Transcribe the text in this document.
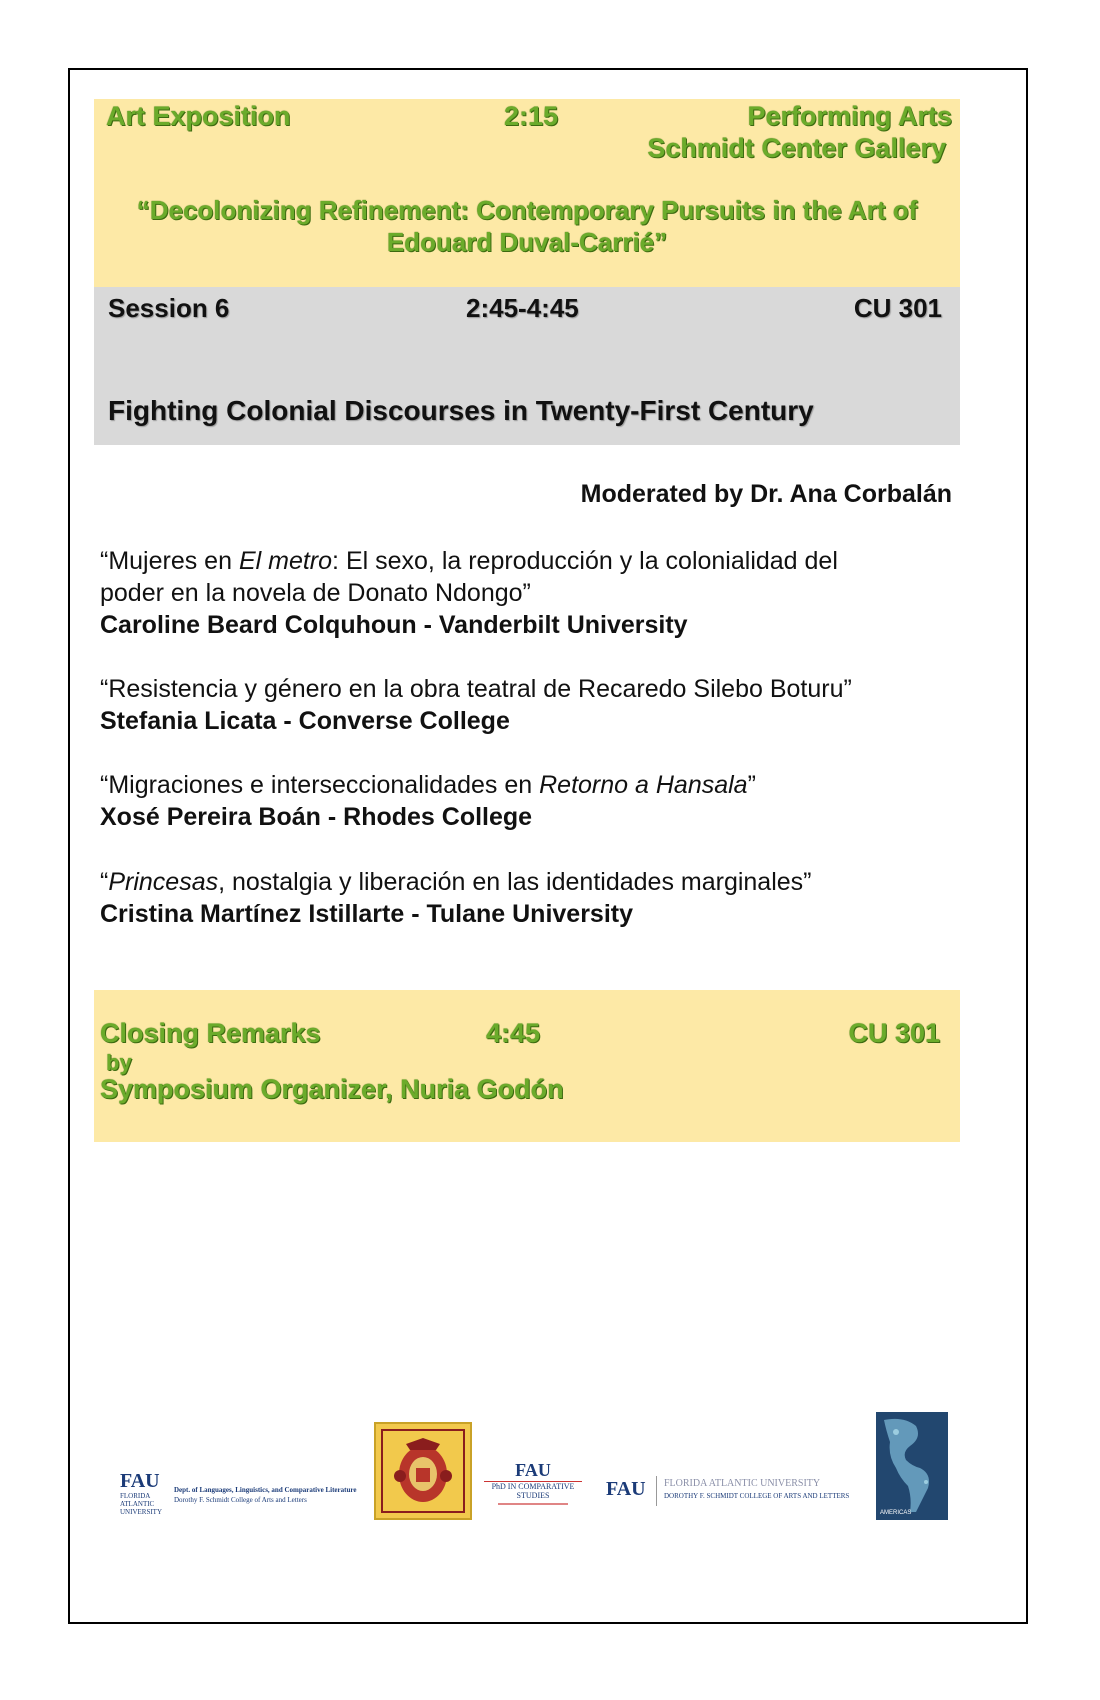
Art Exposition	2:15	Performing Arts
Schmidt Center Gallery
“Decolonizing Refinement: Contemporary Pursuits in the Art of
Edouard Duval-Carrié”
Session 6	2:45-4:45	CU 301
Fighting Colonial Discourses in Twenty-First Century
Moderated by Dr. Ana Corbalán
“Mujeres en El metro: El sexo, la reproducción y la colonialidad del
poder en la novela de Donato Ndongo”
Caroline Beard Colquhoun - Vanderbilt University
“Resistencia y género en la obra teatral de Recaredo Silebo Boturu”
Stefania Licata - Converse College
“Migraciones e interseccionalidades en Retorno a Hansala”
Xosé Pereira Boán - Rhodes College
“Princesas, nostalgia y liberación en las identidades marginales”
Cristina Martínez Istillarte - Tulane University
Closing Remarks	4:45	CU 301
by
Symposium Organizer, Nuria Godón
FAU
FLORIDA ATLANTIC UNIVERSITY
Dept. of Languages, Linguistics, and Comparative Literature
Dorothy F. Schmidt College of Arts and Letters
FAU
PhD IN COMPARATIVE
STUDIES	FAU FLORIDA ATLANTIC UNIVERSITY
DOROTHY F. SCHMIDT COLLEGE OF ARTS AND LETTERS
AMERICAS
